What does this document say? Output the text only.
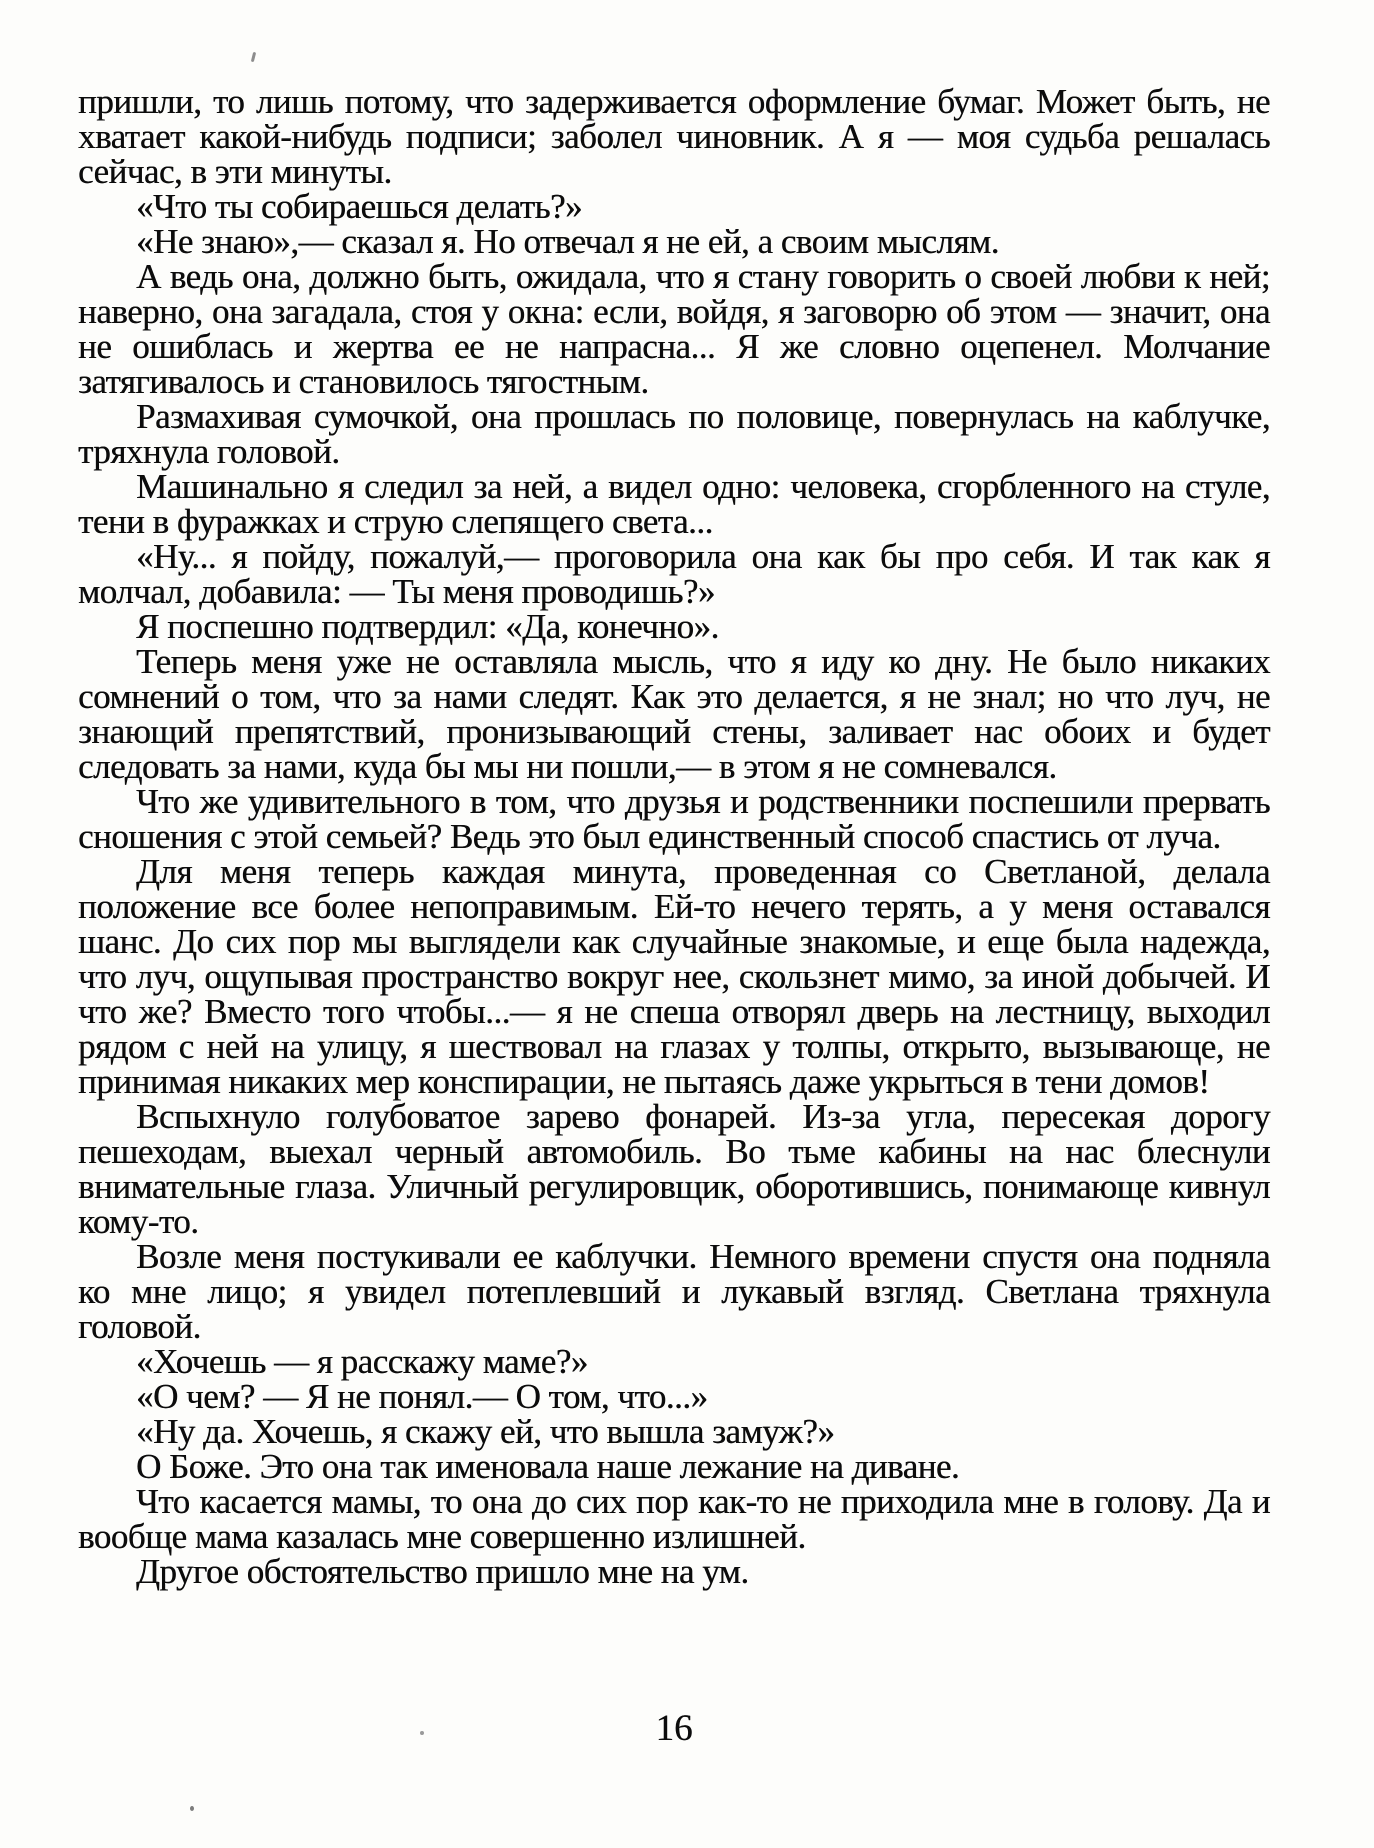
пришли, то лишь потому, что задерживается оформление бумаг. Может быть, не хватает какой-нибудь подписи; заболел чиновник. А я — моя судьба решалась сейчас, в эти минуты.

«Что ты собираешься делать?»

«Не знаю»,— сказал я. Но отвечал я не ей, а своим мыслям.

А ведь она, должно быть, ожидала, что я стану говорить о своей любви к ней; наверно, она загадала, стоя у окна: если, войдя, я заговорю об этом — значит, она не ошиблась и жертва ее не напрасна... Я же словно оцепенел. Молчание затягивалось и становилось тягостным.

Размахивая сумочкой, она прошлась по половице, повернулась на каблучке, тряхнула головой.

Машинально я следил за ней, а видел одно: человека, сгорбленного на стуле, тени в фуражках и струю слепящего света...

«Ну... я пойду, пожалуй,— проговорила она как бы про себя. И так как я молчал, добавила: — Ты меня проводишь?»

Я поспешно подтвердил: «Да, конечно».

Теперь меня уже не оставляла мысль, что я иду ко дну. Не было никаких сомнений о том, что за нами следят. Как это делается, я не знал; но что луч, не знающий препятствий, пронизывающий стены, заливает нас обоих и будет следовать за нами, куда бы мы ни пошли,— в этом я не сомневался.

Что же удивительного в том, что друзья и родственники поспешили прервать сношения с этой семьей? Ведь это был единственный способ спастись от луча.

Для меня теперь каждая минута, проведенная со Светланой, делала положение все более непоправимым. Ей-то нечего терять, а у меня оставался шанс. До сих пор мы выглядели как случайные знакомые, и еще была надежда, что луч, ощупывая пространство вокруг нее, скользнет мимо, за иной добычей. И что же? Вместо того чтобы...— я не спеша отворял дверь на лестницу, выходил рядом с ней на улицу, я шествовал на глазах у толпы, открыто, вызывающе, не принимая никаких мер конспирации, не пытаясь даже укрыться в тени домов!

Вспыхнуло голубоватое зарево фонарей. Из-за угла, пересекая дорогу пешеходам, выехал черный автомобиль. Во тьме кабины на нас блеснули внимательные глаза. Уличный регулировщик, оборотившись, понимающе кивнул кому-то.

Возле меня постукивали ее каблучки. Немного времени спустя она подняла ко мне лицо; я увидел потеплевший и лукавый взгляд. Светлана тряхнула головой.

«Хочешь — я расскажу маме?»

«О чем? — Я не понял.— О том, что...»

«Ну да. Хочешь, я скажу ей, что вышла замуж?»

О Боже. Это она так именовала наше лежание на диване.

Что касается мамы, то она до сих пор как-то не приходила мне в голову. Да и вообще мама казалась мне совершенно излишней.

Другое обстоятельство пришло мне на ум.

16
